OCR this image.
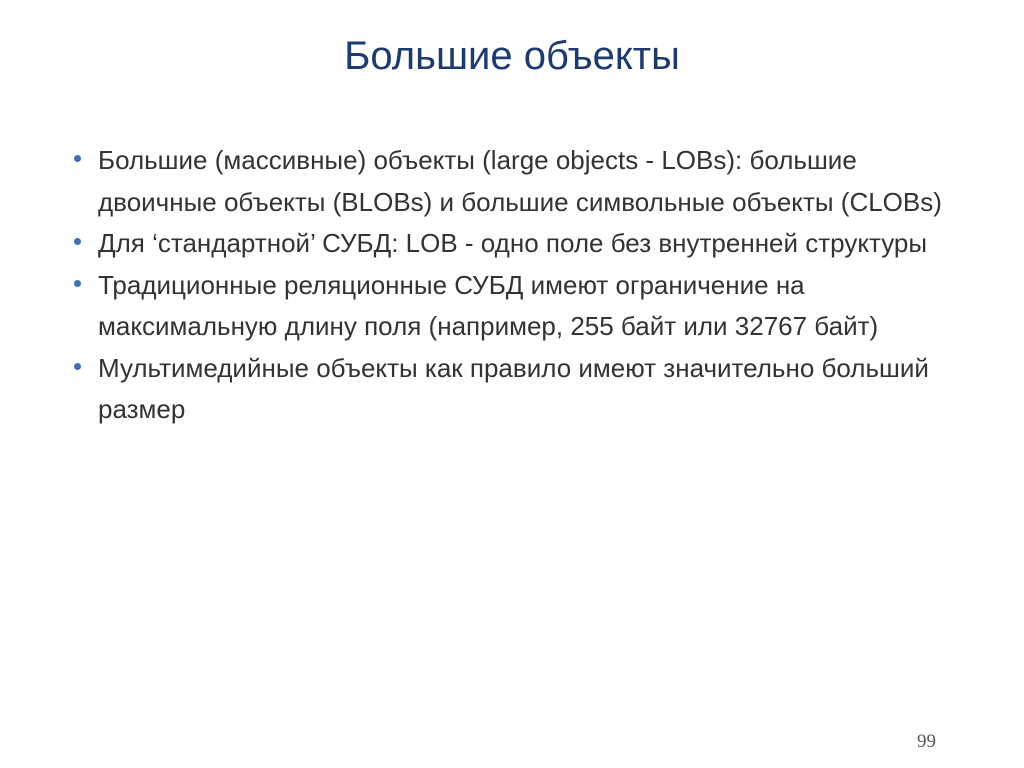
Большие объекты
Большие (массивные) объекты (large objects - LOBs): большие двоичные объекты (BLOBs) и большие символьные объекты (CLOBs)
Для ‘стандартной’ СУБД: LOB - одно поле без внутренней структуры
Традиционные реляционные СУБД имеют ограничение на максимальную длину поля (например, 255 байт или 32767 байт)
Мультимедийные объекты как правило имеют значительно больший размер
99
